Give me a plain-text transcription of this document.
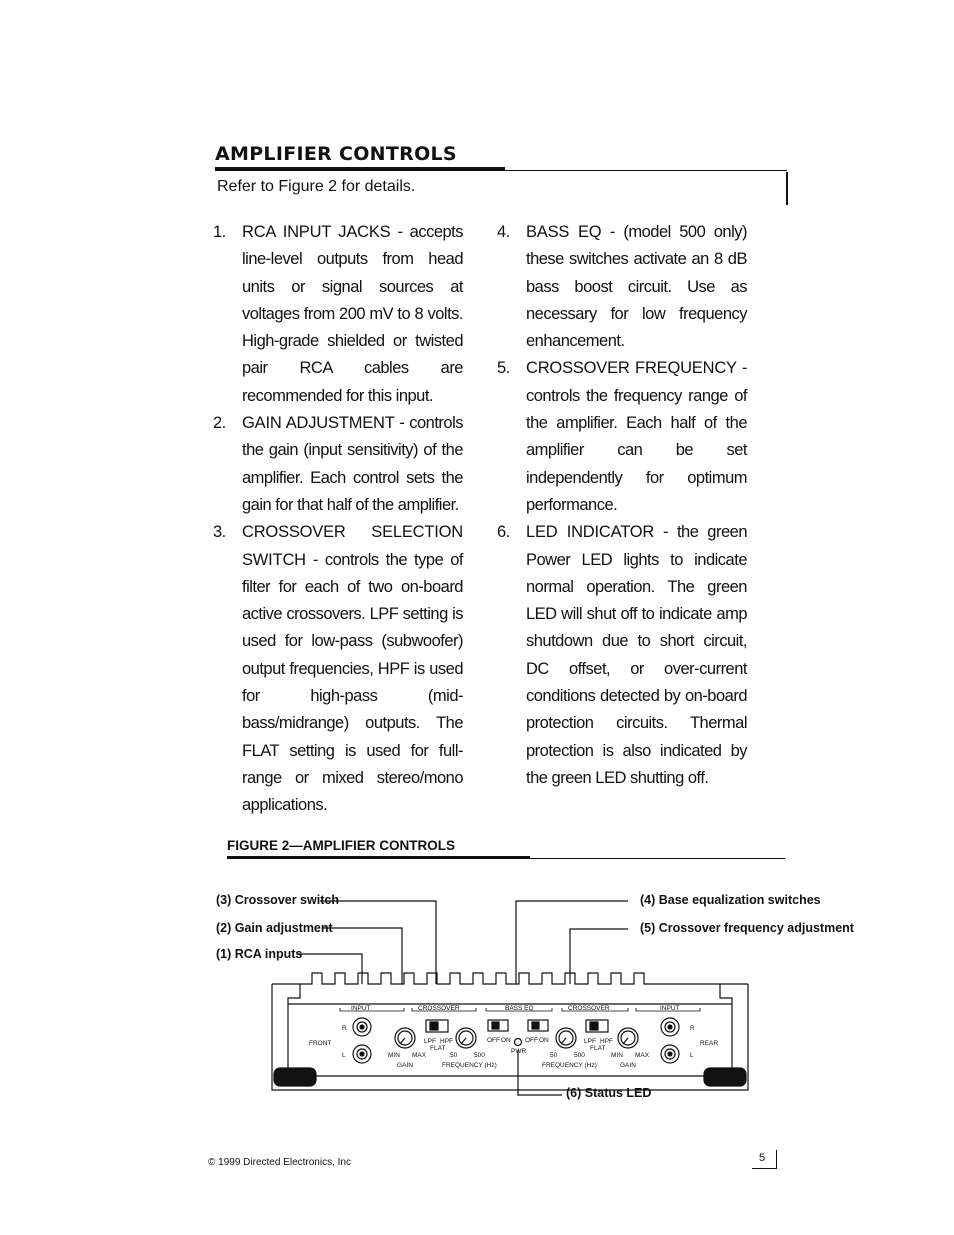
AMPLIFIER CONTROLS
Refer to Figure 2 for details.
1. RCA INPUT JACKS - accepts line-level outputs from head units or signal sources at voltages from 200 mV to 8 volts. High-grade shielded or twisted pair RCA cables are recommended for this input.
2. GAIN ADJUSTMENT - controls the gain (input sensitivity) of the amplifier. Each control sets the gain for that half of the amplifier.
3. CROSSOVER SELECTION SWITCH - controls the type of filter for each of two on-board active crossovers. LPF setting is used for low-pass (subwoofer) output frequencies, HPF is used for high-pass (mid-bass/midrange) outputs. The FLAT setting is used for full-range or mixed stereo/mono applications.
4. BASS EQ - (model 500 only) these switches activate an 8 dB bass boost circuit. Use as necessary for low frequency enhancement.
5. CROSSOVER FREQUENCY - controls the frequency range of the amplifier. Each half of the amplifier can be set independently for optimum performance.
6. LED INDICATOR - the green Power LED lights to indicate normal operation. The green LED will shut off to indicate amp shutdown due to short circuit, DC offset, or over-current conditions detected by on-board protection circuits. Thermal protection is also indicated by the green LED shutting off.
FIGURE 2—AMPLIFIER CONTROLS
(3) Crossover switch
(2) Gain adjustment
(1) RCA inputs
(4) Base equalization switches
(5) Crossover frequency adjustment
(6) Status LED
INPUT	CROSSOVER	BASS EQ	CROSSOVER	INPUT
FRONT	REAR
R
L
R
L
MIN MAX
GAIN
MIN MAX
GAIN
LPF HPF
FLAT
LPF HPF
FLAT
50	500
FREQUENCY (Hz)
50	500
FREQUENCY (Hz)
OFF ON OFF ON
PWR
© 1999 Directed Electronics, Inc	5
